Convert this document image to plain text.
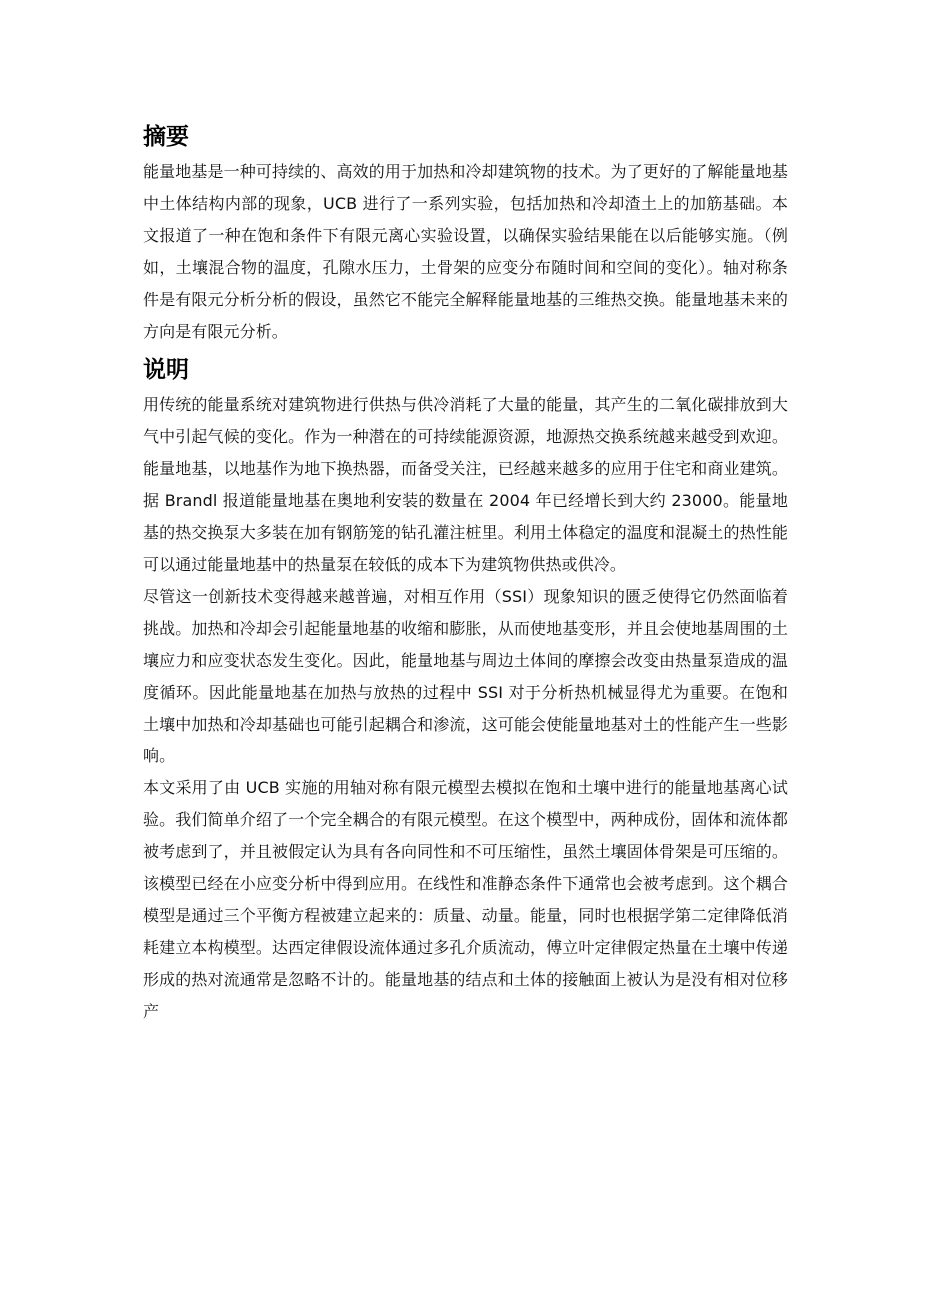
摘要

能量地基是一种可持续的、高效的用于加热和冷却建筑物的技术。为了更好的了解能量地基中土体结构内部的现象，UCB 进行了一系列实验，包括加热和冷却渣土上的加筋基础。本文报道了一种在饱和条件下有限元离心实验设置，以确保实验结果能在以后能够实施。（例如，土壤混合物的温度，孔隙水压力，土骨架的应变分布随时间和空间的变化）。轴对称条件是有限元分析分析的假设，虽然它不能完全解释能量地基的三维热交换。能量地基未来的方向是有限元分析。

说明

用传统的能量系统对建筑物进行供热与供冷消耗了大量的能量，其产生的二氧化碳排放到大气中引起气候的变化。作为一种潜在的可持续能源资源，地源热交换系统越来越受到欢迎。能量地基，以地基作为地下换热器，而备受关注，已经越来越多的应用于住宅和商业建筑。据 Brandl 报道能量地基在奥地利安装的数量在 2004 年已经增长到大约 23000。能量地基的热交换泵大多装在加有钢筋笼的钻孔灌注桩里。利用土体稳定的温度和混凝土的热性能可以通过能量地基中的热量泵在较低的成本下为建筑物供热或供冷。

尽管这一创新技术变得越来越普遍，对相互作用（SSI）现象知识的匮乏使得它仍然面临着挑战。加热和冷却会引起能量地基的收缩和膨胀，从而使地基变形，并且会使地基周围的土壤应力和应变状态发生变化。因此，能量地基与周边土体间的摩擦会改变由热量泵造成的温度循环。因此能量地基在加热与放热的过程中 SSI 对于分析热机械显得尤为重要。在饱和土壤中加热和冷却基础也可能引起耦合和渗流，这可能会使能量地基对土的性能产生一些影响。

本文采用了由 UCB 实施的用轴对称有限元模型去模拟在饱和土壤中进行的能量地基离心试验。我们简单介绍了一个完全耦合的有限元模型。在这个模型中，两种成份，固体和流体都被考虑到了，并且被假定认为具有各向同性和不可压缩性，虽然土壤固体骨架是可压缩的。该模型已经在小应变分析中得到应用。在线性和准静态条件下通常也会被考虑到。这个耦合模型是通过三个平衡方程被建立起来的：质量、动量。能量，同时也根据学第二定律降低消耗建立本构模型。达西定律假设流体通过多孔介质流动，傅立叶定律假定热量在土壤中传递形成的热对流通常是忽略不计的。能量地基的结点和土体的接触面上被认为是没有相对位移产
